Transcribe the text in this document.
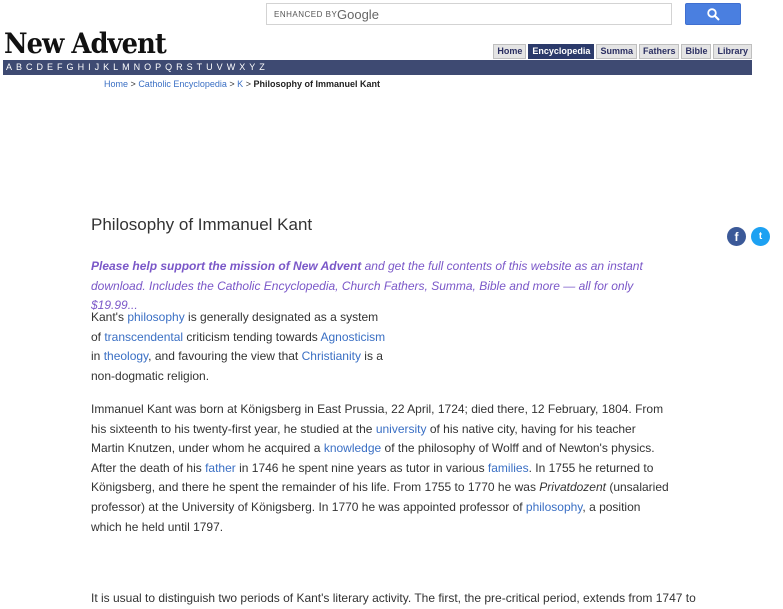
ENHANCED BY Google
New Advent	Home	Encyclopedia	Summa	Fathers	Bible	Library
A B C D E F G H I J K L M N O P Q R S T U V W X Y Z
Home > Catholic Encyclopedia > K > Philosophy of Immanuel Kant
Philosophy of Immanuel Kant
f	t

Please help support the mission of New Advent and get the full contents of this website as an instant download. Includes the Catholic Encyclopedia, Church Fathers, Summa, Bible and more — all for only $19.99...

Kant's philosophy is generally designated as a system of transcendental criticism tending towards Agnosticism in theology, and favouring the view that Christianity is a non-dogmatic religion.

Immanuel Kant was born at Königsberg in East Prussia, 22 April, 1724; died there, 12 February, 1804. From his sixteenth to his twenty-first year, he studied at the university of his native city, having for his teacher Martin Knutzen, under whom he acquired a knowledge of the philosophy of Wolff and of Newton's physics. After the death of his father in 1746 he spent nine years as tutor in various families. In 1755 he returned to Königsberg, and there he spent the remainder of his life. From 1755 to 1770 he was Privatdozent (unsalaried professor) at the University of Königsberg. In 1770 he was appointed professor of philosophy, a position which he held until 1797.

It is usual to distinguish two periods of Kant's literary activity. The first, the pre-critical period, extends from 1747 to
